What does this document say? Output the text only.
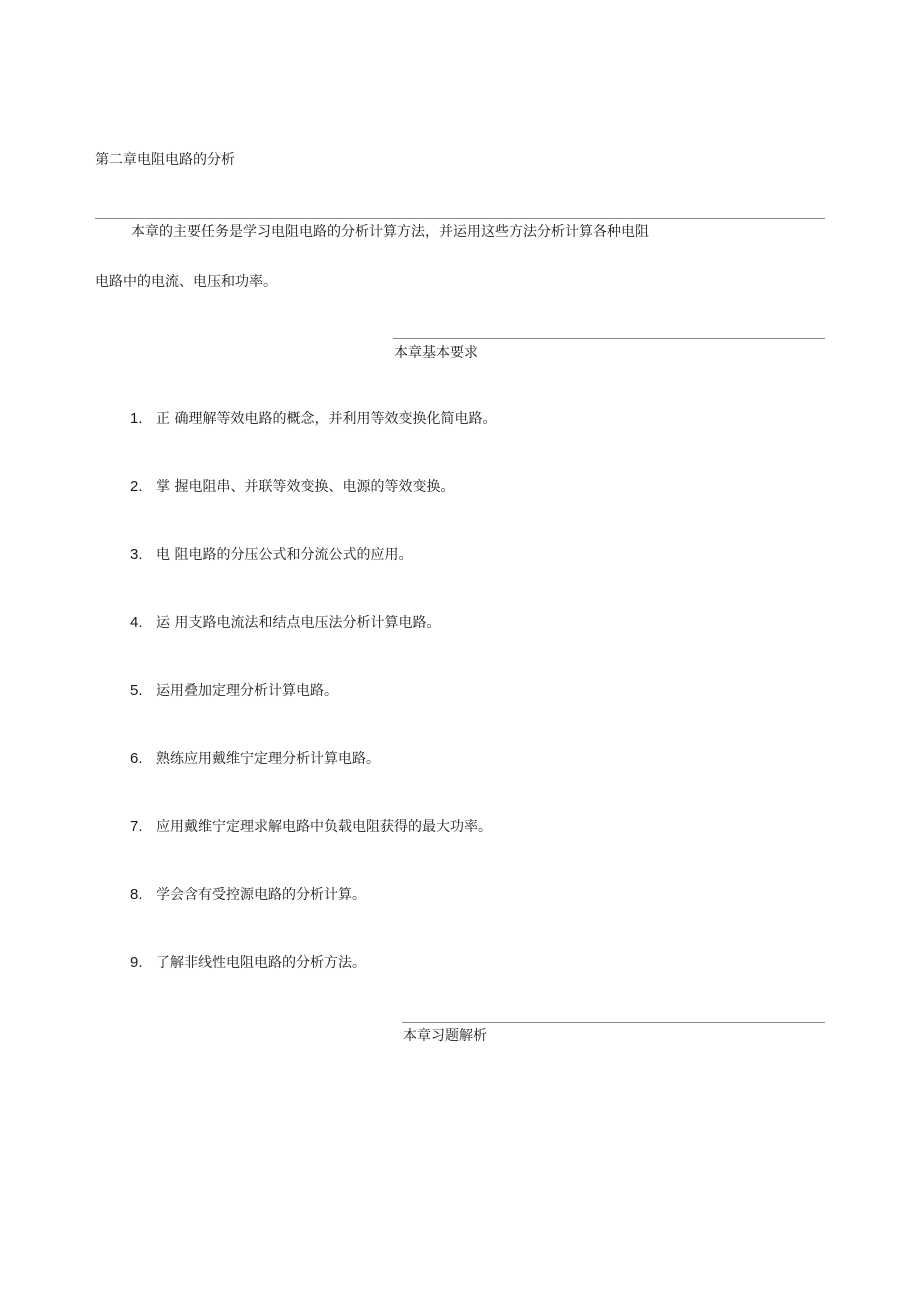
第二章电阻电路的分析
本章的主要任务是学习电阻电路的分析计算方法，并运用这些方法分析计算各种电阻
电路中的电流、电压和功率。
本章基本要求
1. 正 确理解等效电路的概念，并利用等效变换化简电路。
2. 掌 握电阻串、并联等效变换、电源的等效变换。
3. 电 阻电路的分压公式和分流公式的应用。
4. 运 用支路电流法和结点电压法分析计算电路。
5. 运用叠加定理分析计算电路。
6. 熟练应用戴维宁定理分析计算电路。
7. 应用戴维宁定理求解电路中负载电阻获得的最大功率。
8. 学会含有受控源电路的分析计算。
9. 了解非线性电阻电路的分析方法。
本章习题解析
